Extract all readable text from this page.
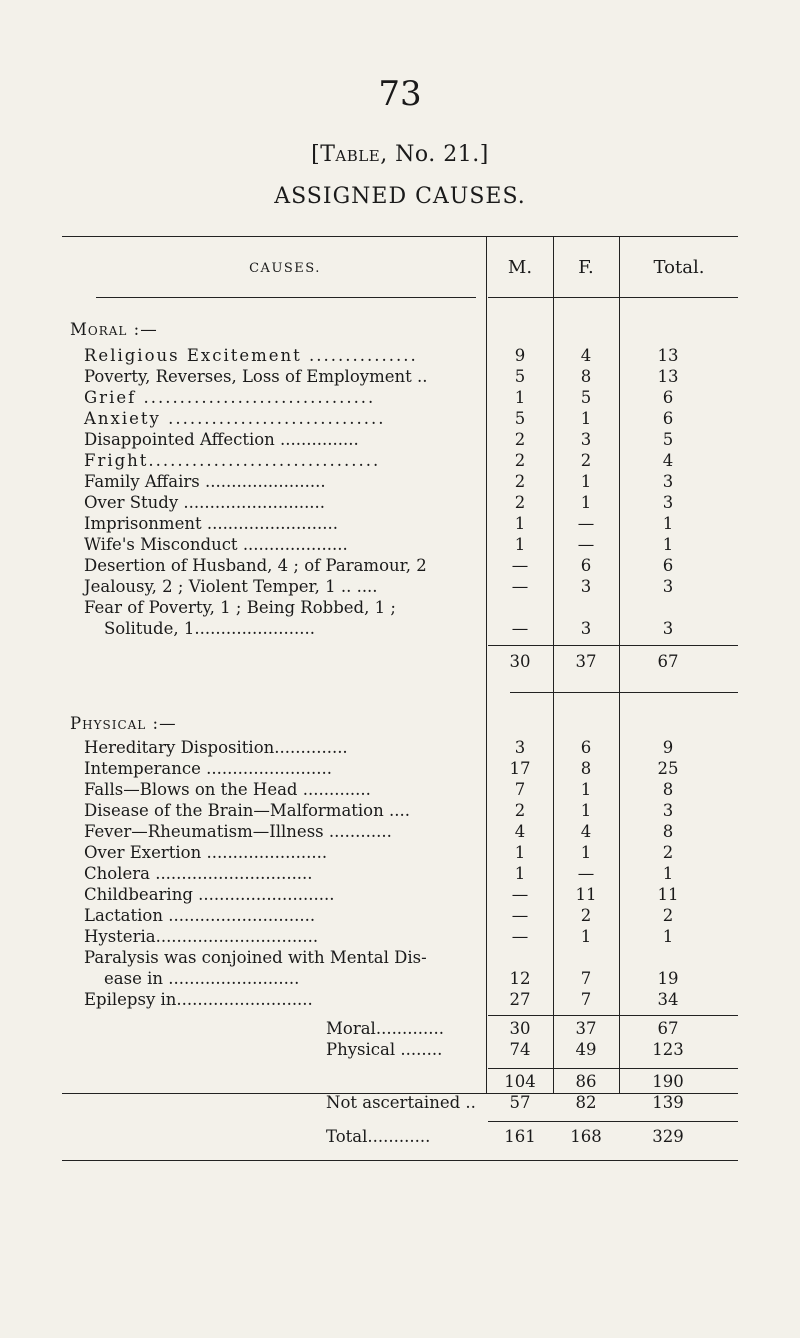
73
[Table, No. 21.]
ASSIGNED CAUSES.
CAUSES.	M.	F.	Total.
Moral :—
Religious Excitement ...............	9	4	13
Poverty, Reverses, Loss of Employment ..	5	8	13
Grief ................................	1	5	6
Anxiety ..............................	5	1	6
Disappointed Affection ...............	2	3	5
Fright................................	2	2	4
Family Affairs .......................	2	1	3
Over Study ...........................	2	1	3
Imprisonment .........................	1	—	1
Wife's Misconduct ....................	1	—	1
Desertion of Husband, 4 ; of Paramour, 2	—	6	6
Jealousy, 2 ; Violent Temper, 1 .. ....	—	3	3
Fear of Poverty, 1 ; Being Robbed, 1 ;
Solitude, 1.......................	—	3	3
30	37	67
Physical :—
Hereditary Disposition..............	3	6	9
Intemperance ........................	17	8	25
Falls—Blows on the Head .............	7	1	8
Disease of the Brain—Malformation ....	2	1	3
Fever—Rheumatism—Illness ............	4	4	8
Over Exertion .......................	1	1	2
Cholera ..............................	1	—	1
Childbearing ..........................	—	11	11
Lactation ............................	—	2	2
Hysteria...............................	—	1	1
Paralysis was conjoined with Mental Dis-
ease in .........................	12	7	19
Epilepsy in..........................	27	7	34
Moral.............	30	37	67
Physical ........	74	49	123
104	86	190
Not ascertained ..	57	82	139
Total............	161	168	329
